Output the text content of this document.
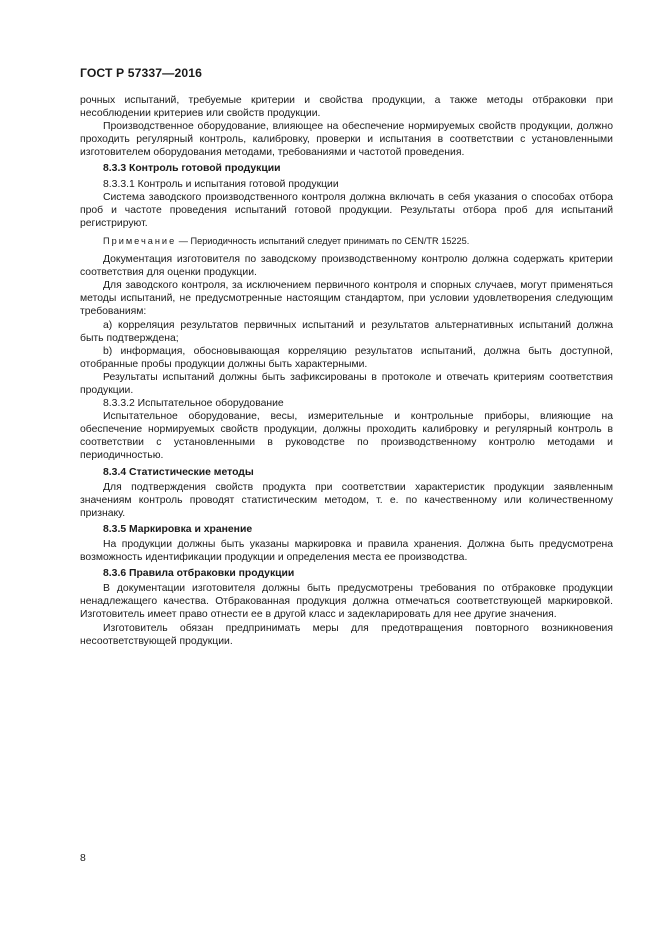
ГОСТ Р 57337—2016

рочных испытаний, требуемые критерии и свойства продукции, а также методы отбраковки при несоблюдении критериев или свойств продукции.

Производственное оборудование, влияющее на обеспечение нормируемых свойств продукции, должно проходить регулярный контроль, калибровку, проверки и испытания в соответствии с установленными изготовителем оборудования методами, требованиями и частотой проведения.

8.3.3 Контроль готовой продукции

8.3.3.1 Контроль и испытания готовой продукции

Система заводского производственного контроля должна включать в себя указания о способах отбора проб и частоте проведения испытаний готовой продукции. Результаты отбора проб для испытаний регистрируют.

Примечание — Периодичность испытаний следует принимать по CEN/TR 15225.

Документация изготовителя по заводскому производственному контролю должна содержать критерии соответствия для оценки продукции.

Для заводского контроля, за исключением первичного контроля и спорных случаев, могут применяться методы испытаний, не предусмотренные настоящим стандартом, при условии удовлетворения следующим требованиям:

а) корреляция результатов первичных испытаний и результатов альтернативных испытаний должна быть подтверждена;

b) информация, обосновывающая корреляцию результатов испытаний, должна быть доступной, отобранные пробы продукции должны быть характерными.

Результаты испытаний должны быть зафиксированы в протоколе и отвечать критериям соответствия продукции.

8.3.3.2 Испытательное оборудование

Испытательное оборудование, весы, измерительные и контрольные приборы, влияющие на обеспечение нормируемых свойств продукции, должны проходить калибровку и регулярный контроль в соответствии с установленными в руководстве по производственному контролю методами и периодичностью.

8.3.4 Статистические методы

Для подтверждения свойств продукта при соответствии характеристик продукции заявленным значениям контроль проводят статистическим методом, т. е. по качественному или количественному признаку.

8.3.5 Маркировка и хранение

На продукции должны быть указаны маркировка и правила хранения. Должна быть предусмотрена возможность идентификации продукции и определения места ее производства.

8.3.6 Правила отбраковки продукции

В документации изготовителя должны быть предусмотрены требования по отбраковке продукции ненадлежащего качества. Отбракованная продукция должна отмечаться соответствующей маркировкой. Изготовитель имеет право отнести ее в другой класс и задекларировать для нее другие значения.

Изготовитель обязан предпринимать меры для предотвращения повторного возникновения несоответствующей продукции.

8
